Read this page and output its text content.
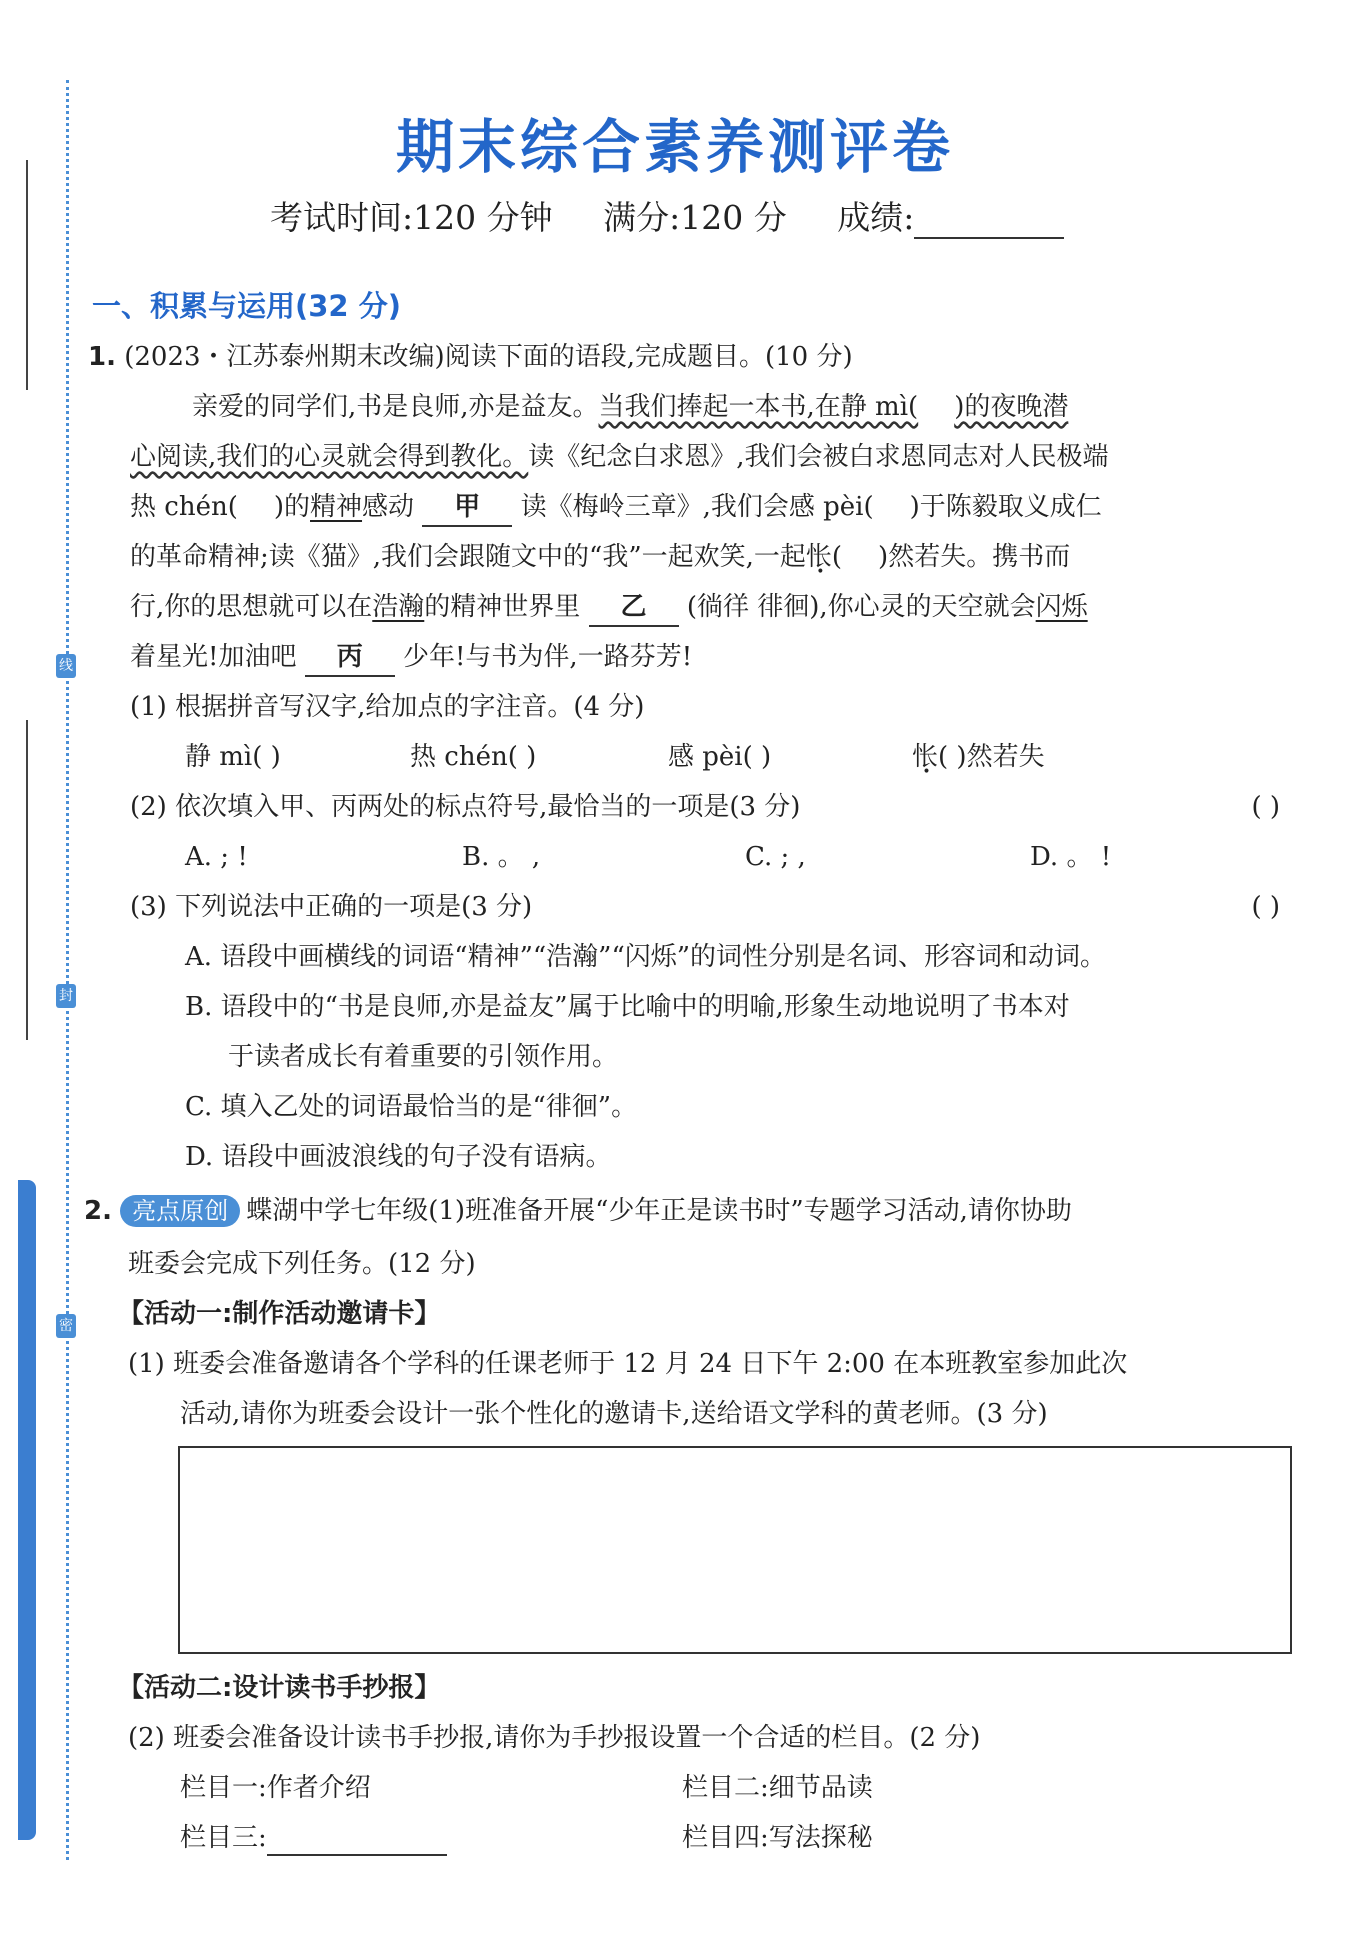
线
封
密
期末综合素养测评卷
考试时间:120 分钟 满分:120 分 成绩:
一、积累与运用(32 分)
1. (2023・江苏泰州期末改编)阅读下面的语段,完成题目。(10 分)
亲爱的同学们,书是良师,亦是益友。当我们捧起一本书,在静 mì( )的夜晚潜
心阅读,我们的心灵就会得到教化。读《纪念白求恩》,我们会被白求恩同志对人民极端
热 chén( )的精神感动 甲 读《梅岭三章》,我们会感 pèi( )于陈毅取义成仁
的革命精神;读《猫》,我们会跟随文中的“我”一起欢笑,一起怅( )然若失。携书而
行,你的思想就可以在浩瀚的精神世界里 乙 (徜徉 徘徊),你心灵的天空就会闪烁
着星光!加油吧 丙 少年!与书为伴,一路芬芳!
(1) 根据拼音写汉字,给加点的字注音。(4 分)
静 mì( )	热 chén( )	感 pèi( )	怅( )然若失
(2) 依次填入甲、丙两处的标点符号,最恰当的一项是(3 分)	( )
A. ; !	B. 。 ,	C. ; ,	D. 。 !
(3) 下列说法中正确的一项是(3 分)	( )
A. 语段中画横线的词语“精神”“浩瀚”“闪烁”的词性分别是名词、形容词和动词。
B. 语段中的“书是良师,亦是益友”属于比喻中的明喻,形象生动地说明了书本对
于读者成长有着重要的引领作用。
C. 填入乙处的词语最恰当的是“徘徊”。
D. 语段中画波浪线的句子没有语病。
2. 亮点原创 蝶湖中学七年级(1)班准备开展“少年正是读书时”专题学习活动,请你协助
班委会完成下列任务。(12 分)
【活动一:制作活动邀请卡】
(1) 班委会准备邀请各个学科的任课老师于 12 月 24 日下午 2:00 在本班教室参加此次
活动,请你为班委会设计一张个性化的邀请卡,送给语文学科的黄老师。(3 分)
【活动二:设计读书手抄报】
(2) 班委会准备设计读书手抄报,请你为手抄报设置一个合适的栏目。(2 分)
栏目一:作者介绍	栏目二:细节品读
栏目三:	栏目四:写法探秘
